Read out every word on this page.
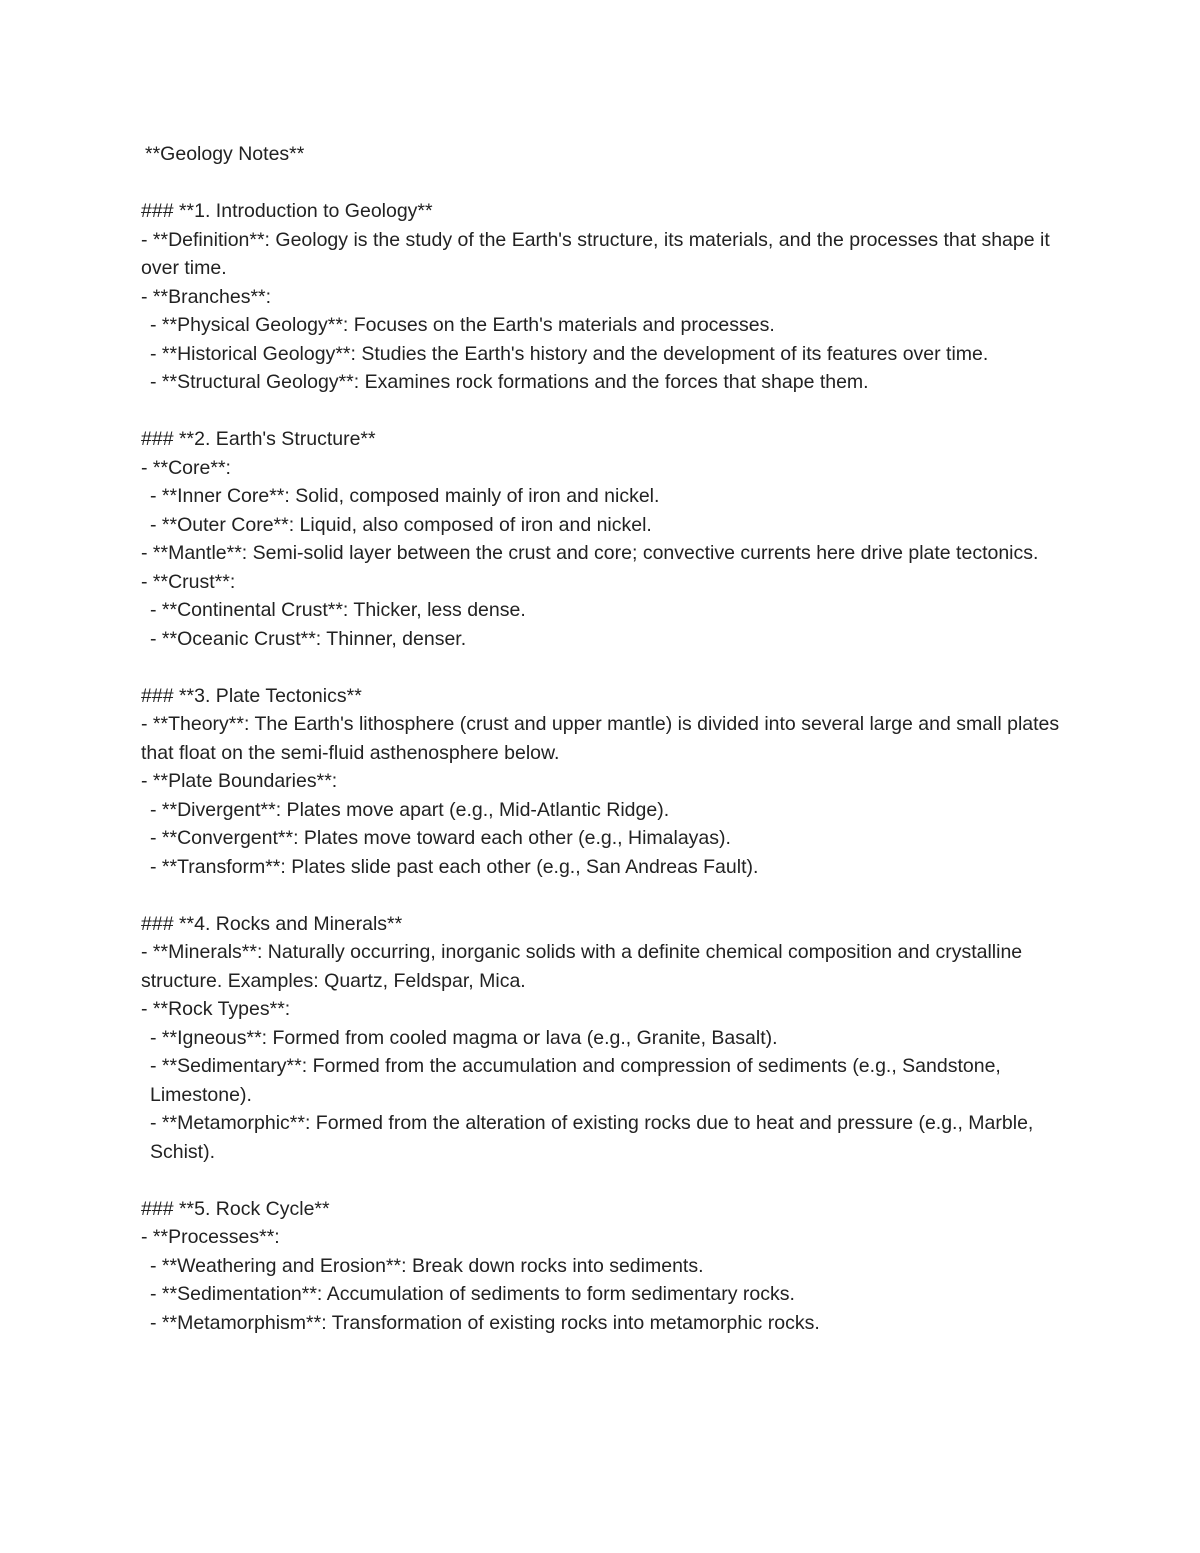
**Geology Notes**

### **1. Introduction to Geology**

- **Definition**: Geology is the study of the Earth's structure, its materials, and the processes that shape it over time.

- **Branches**:

- **Physical Geology**: Focuses on the Earth's materials and processes.

- **Historical Geology**: Studies the Earth's history and the development of its features over time.

- **Structural Geology**: Examines rock formations and the forces that shape them.

### **2. Earth's Structure**

- **Core**:

- **Inner Core**: Solid, composed mainly of iron and nickel.

- **Outer Core**: Liquid, also composed of iron and nickel.

- **Mantle**: Semi-solid layer between the crust and core; convective currents here drive plate tectonics.

- **Crust**:

- **Continental Crust**: Thicker, less dense.

- **Oceanic Crust**: Thinner, denser.

### **3. Plate Tectonics**

- **Theory**: The Earth's lithosphere (crust and upper mantle) is divided into several large and small plates that float on the semi-fluid asthenosphere below.

- **Plate Boundaries**:

- **Divergent**: Plates move apart (e.g., Mid-Atlantic Ridge).

- **Convergent**: Plates move toward each other (e.g., Himalayas).

- **Transform**: Plates slide past each other (e.g., San Andreas Fault).

### **4. Rocks and Minerals**

- **Minerals**: Naturally occurring, inorganic solids with a definite chemical composition and crystalline structure. Examples: Quartz, Feldspar, Mica.

- **Rock Types**:

- **Igneous**: Formed from cooled magma or lava (e.g., Granite, Basalt).

- **Sedimentary**: Formed from the accumulation and compression of sediments (e.g., Sandstone, Limestone).

- **Metamorphic**: Formed from the alteration of existing rocks due to heat and pressure (e.g., Marble, Schist).

### **5. Rock Cycle**

- **Processes**:

- **Weathering and Erosion**: Break down rocks into sediments.

- **Sedimentation**: Accumulation of sediments to form sedimentary rocks.

- **Metamorphism**: Transformation of existing rocks into metamorphic rocks.
